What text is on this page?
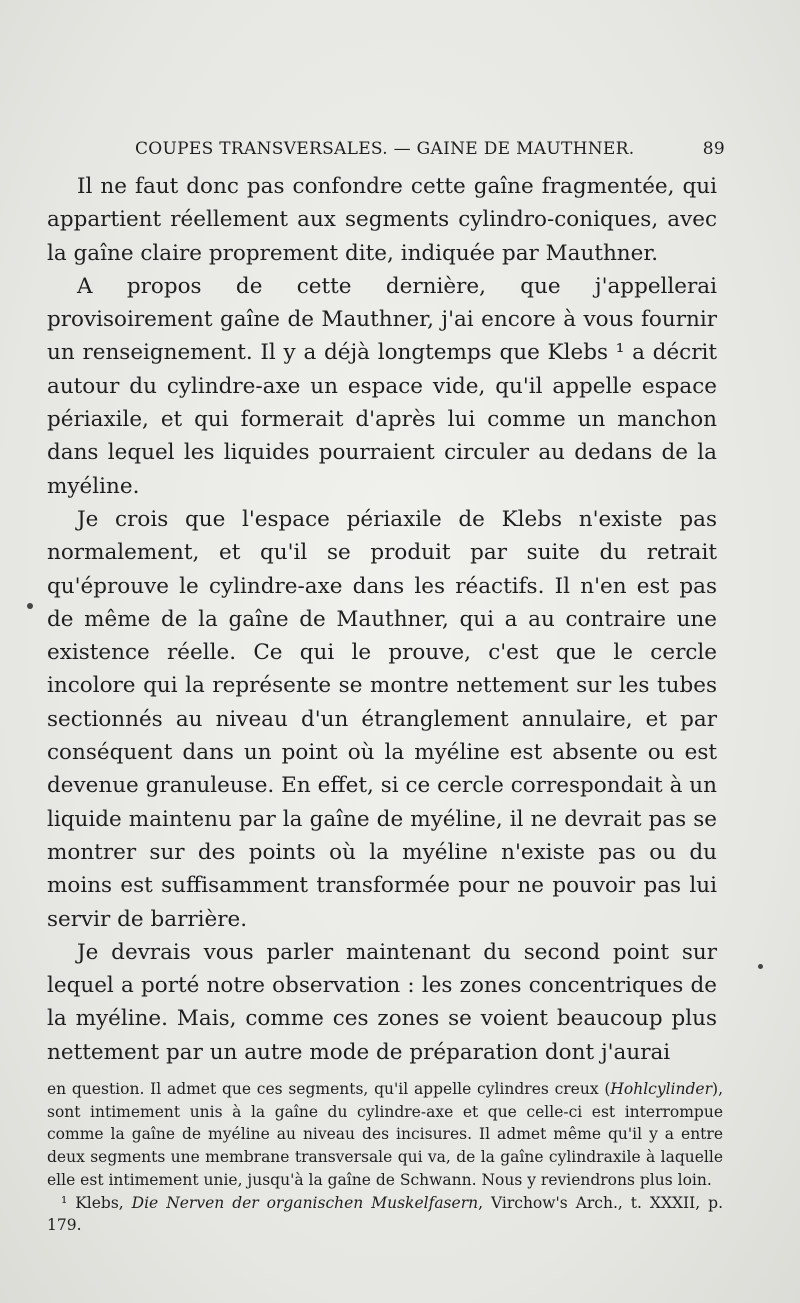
COUPES TRANSVERSALES. — GAINE DE MAUTHNER.	89

Il ne faut donc pas confondre cette gaîne fragmentée, qui appartient réellement aux segments cylindro-coniques, avec la gaîne claire proprement dite, indiquée par Mauthner.

A propos de cette dernière, que j'appellerai provisoirement gaîne de Mauthner, j'ai encore à vous fournir un renseignement. Il y a déjà longtemps que Klebs ¹ a décrit autour du cylindre-axe un espace vide, qu'il appelle espace périaxile, et qui formerait d'après lui comme un manchon dans lequel les liquides pourraient circuler au dedans de la myéline.

Je crois que l'espace périaxile de Klebs n'existe pas normalement, et qu'il se produit par suite du retrait qu'éprouve le cylindre-axe dans les réactifs. Il n'en est pas de même de la gaîne de Mauthner, qui a au contraire une existence réelle. Ce qui le prouve, c'est que le cercle incolore qui la représente se montre nettement sur les tubes sectionnés au niveau d'un étranglement annulaire, et par conséquent dans un point où la myéline est absente ou est devenue granuleuse. En effet, si ce cercle correspondait à un liquide maintenu par la gaîne de myéline, il ne devrait pas se montrer sur des points où la myéline n'existe pas ou du moins est suffisamment transformée pour ne pouvoir pas lui servir de barrière.

Je devrais vous parler maintenant du second point sur lequel a porté notre observation : les zones concentriques de la myéline. Mais, comme ces zones se voient beaucoup plus nettement par un autre mode de préparation dont j'aurai

en question. Il admet que ces segments, qu'il appelle cylindres creux (Hohlcylinder), sont intimement unis à la gaîne du cylindre-axe et que celle-ci est interrompue comme la gaîne de myéline au niveau des incisures. Il admet même qu'il y a entre deux segments une membrane transversale qui va, de la gaîne cylindraxile à laquelle elle est intimement unie, jusqu'à la gaîne de Schwann. Nous y reviendrons plus loin.

¹ Klebs, Die Nerven der organischen Muskelfasern, Virchow's Arch., t. XXXII, p. 179.
